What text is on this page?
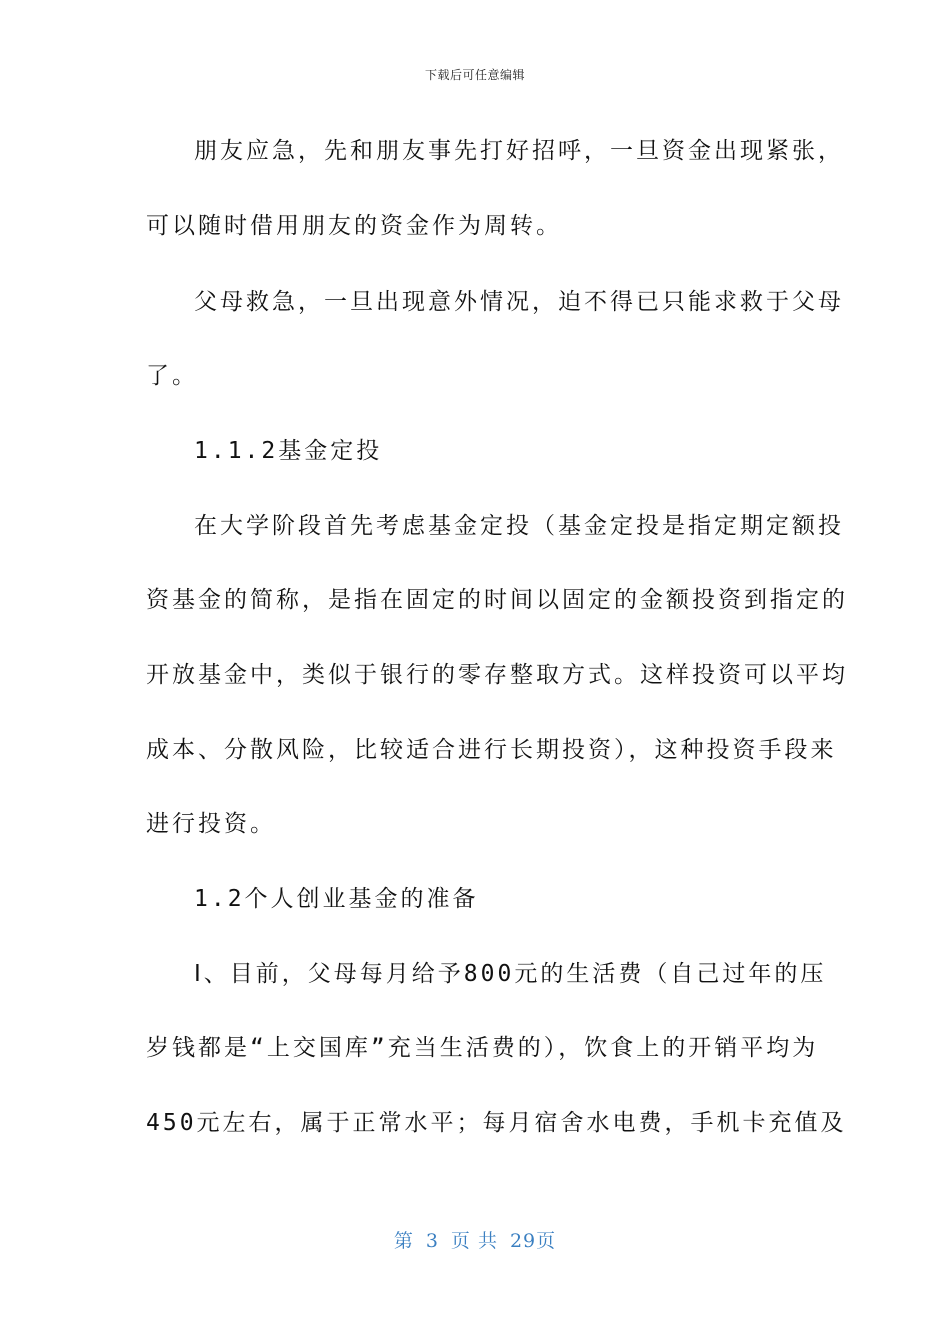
下载后可任意编辑
朋友应急，先和朋友事先打好招呼，一旦资金出现紧张，
可以随时借用朋友的资金作为周转。
父母救急，一旦出现意外情况，迫不得已只能求救于父母
了。
1.1.2基金定投
在大学阶段首先考虑基金定投（基金定投是指定期定额投
资基金的简称，是指在固定的时间以固定的金额投资到指定的
开放基金中，类似于银行的零存整取方式。这样投资可以平均
成本、分散风险，比较适合进行长期投资），这种投资手段来
进行投资。
1.2个人创业基金的准备
Ⅰ、目前，父母每月给予800元的生活费（自己过年的压
岁钱都是“上交国库”充当生活费的），饮食上的开销平均为
450元左右，属于正常水平；每月宿舍水电费，手机卡充值及
第 3 页 共 29页
